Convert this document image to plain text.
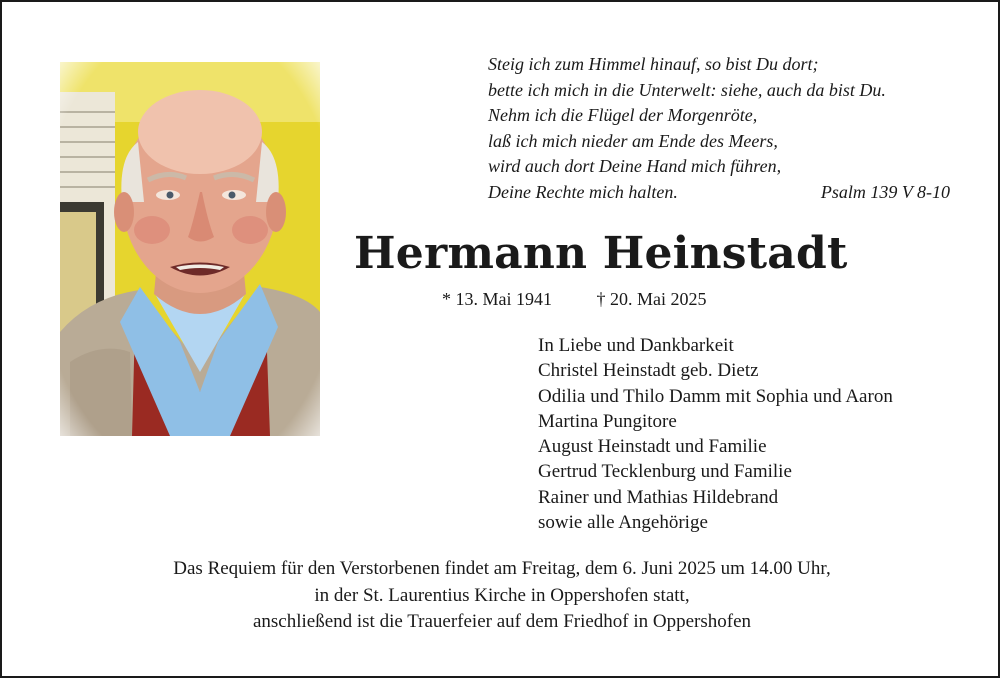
Steig ich zum Himmel hinauf, so bist Du dort;
bette ich mich in die Unterwelt: siehe, auch da bist Du.
Nehm ich die Flügel der Morgenröte,
laß ich mich nieder am Ende des Meers,
wird auch dort Deine Hand mich führen,
Deine Rechte mich halten.	Psalm 139 V 8-10
Hermann Heinstadt
* 13. Mai 1941 † 20. Mai 2025
In Liebe und Dankbarkeit
Christel Heinstadt geb. Dietz
Odilia und Thilo Damm mit Sophia und Aaron
Martina Pungitore
August Heinstadt und Familie
Gertrud Tecklenburg und Familie
Rainer und Mathias Hildebrand
sowie alle Angehörige
Das Requiem für den Verstorbenen findet am Freitag, dem 6. Juni 2025 um 14.00 Uhr,
in der St. Laurentius Kirche in Oppershofen statt,
anschließend ist die Trauerfeier auf dem Friedhof in Oppershofen
